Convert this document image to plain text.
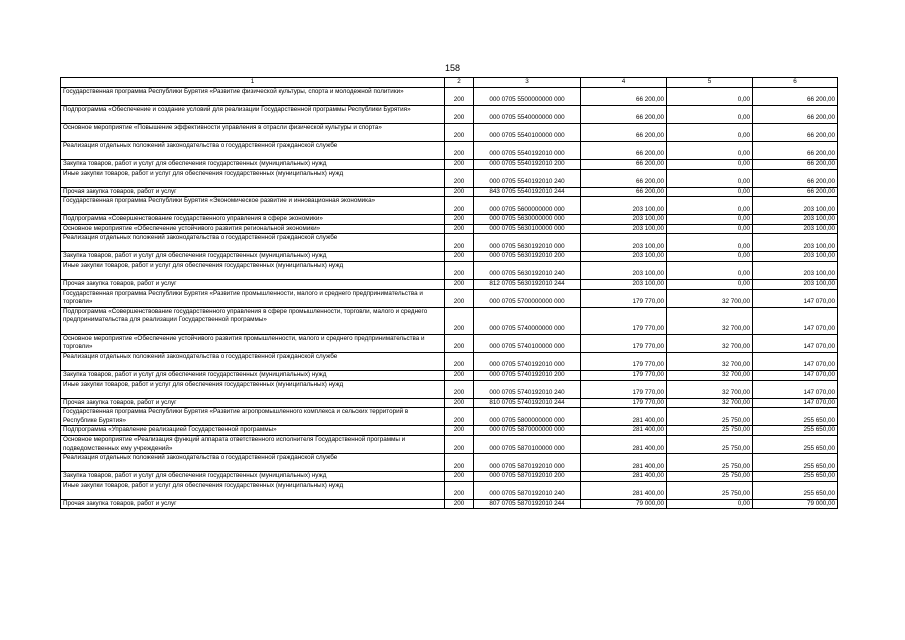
158
1	2	3	4	5	6
Государственная программа Республики Бурятия «Развитие физической культуры, спорта и молодежной политики»	200	000 0705 5500000000 000	66 200,00	0,00	66 200,00
Подпрограмма «Обеспечение и создание условий для реализации Государственной программы Республики Бурятия»	200	000 0705 5540000000 000	66 200,00	0,00	66 200,00
Основное мероприятие «Повышение эффективности управления в отрасли физической культуры и спорта»	200	000 0705 5540100000 000	66 200,00	0,00	66 200,00
Реализация отдельных положений законодательства о государственной гражданской службе	200	000 0705 5540192010 000	66 200,00	0,00	66 200,00
Закупка товаров, работ и услуг для обеспечения государственных (муниципальных) нужд	200	000 0705 5540192010 200	66 200,00	0,00	66 200,00
Иные закупки товаров, работ и услуг для обеспечения государственных (муниципальных) нужд	200	000 0705 5540192010 240	66 200,00	0,00	66 200,00
Прочая закупка товаров, работ и услуг	200	843 0705 5540192010 244	66 200,00	0,00	66 200,00
Государственная программа Республики Бурятия «Экономическое развитие и инновационная экономика»	200	000 0705 5600000000 000	203 100,00	0,00	203 100,00
Подпрограмма «Совершенствование государственного управления в сфере экономики»	200	000 0705 5630000000 000	203 100,00	0,00	203 100,00
Основное мероприятие «Обеспечение устойчивого развития региональной экономики»	200	000 0705 5630100000 000	203 100,00	0,00	203 100,00
Реализация отдельных положений законодательства о государственной гражданской службе	200	000 0705 5630192010 000	203 100,00	0,00	203 100,00
Закупка товаров, работ и услуг для обеспечения государственных (муниципальных) нужд	200	000 0705 5630192010 200	203 100,00	0,00	203 100,00
Иные закупки товаров, работ и услуг для обеспечения государственных (муниципальных) нужд	200	000 0705 5630192010 240	203 100,00	0,00	203 100,00
Прочая закупка товаров, работ и услуг	200	812 0705 5630192010 244	203 100,00	0,00	203 100,00
Государственная программа Республики Бурятия «Развитие промышленности, малого и среднего предпринимательства и торговли»	200	000 0705 5700000000 000	179 770,00	32 700,00	147 070,00
Подпрограмма «Совершенствование государственного управления в сфере промышленности, торговли, малого и среднего предпринимательства для реализации Государственной программы»	200	000 0705 5740000000 000	179 770,00	32 700,00	147 070,00
Основное мероприятие «Обеспечение устойчивого развития промышленности, малого и среднего предпринимательства и торговли»	200	000 0705 5740100000 000	179 770,00	32 700,00	147 070,00
Реализация отдельных положений законодательства о государственной гражданской службе	200	000 0705 5740192010 000	179 770,00	32 700,00	147 070,00
Закупка товаров, работ и услуг для обеспечения государственных (муниципальных) нужд	200	000 0705 5740192010 200	179 770,00	32 700,00	147 070,00
Иные закупки товаров, работ и услуг для обеспечения государственных (муниципальных) нужд	200	000 0705 5740192010 240	179 770,00	32 700,00	147 070,00
Прочая закупка товаров, работ и услуг	200	810 0705 5740192010 244	179 770,00	32 700,00	147 070,00
Государственная программа Республики Бурятия «Развитие агропромышленного комплекса и сельских территорий в Республике Бурятия»	200	000 0705 5800000000 000	281 400,00	25 750,00	255 650,00
Подпрограмма «Управление реализацией Государственной программы»	200	000 0705 5870000000 000	281 400,00	25 750,00	255 650,00
Основное мероприятие «Реализация функций аппарата ответственного исполнителя Государственной программы и подведомственных ему учреждений»	200	000 0705 5870100000 000	281 400,00	25 750,00	255 650,00
Реализация отдельных положений законодательства о государственной гражданской службе	200	000 0705 5870192010 000	281 400,00	25 750,00	255 650,00
Закупка товаров, работ и услуг для обеспечения государственных (муниципальных) нужд	200	000 0705 5870192010 200	281 400,00	25 750,00	255 650,00
Иные закупки товаров, работ и услуг для обеспечения государственных (муниципальных) нужд	200	000 0705 5870192010 240	281 400,00	25 750,00	255 650,00
Прочая закупка товаров, работ и услуг	200	807 0705 5870192010 244	79 000,00	0,00	79 000,00
